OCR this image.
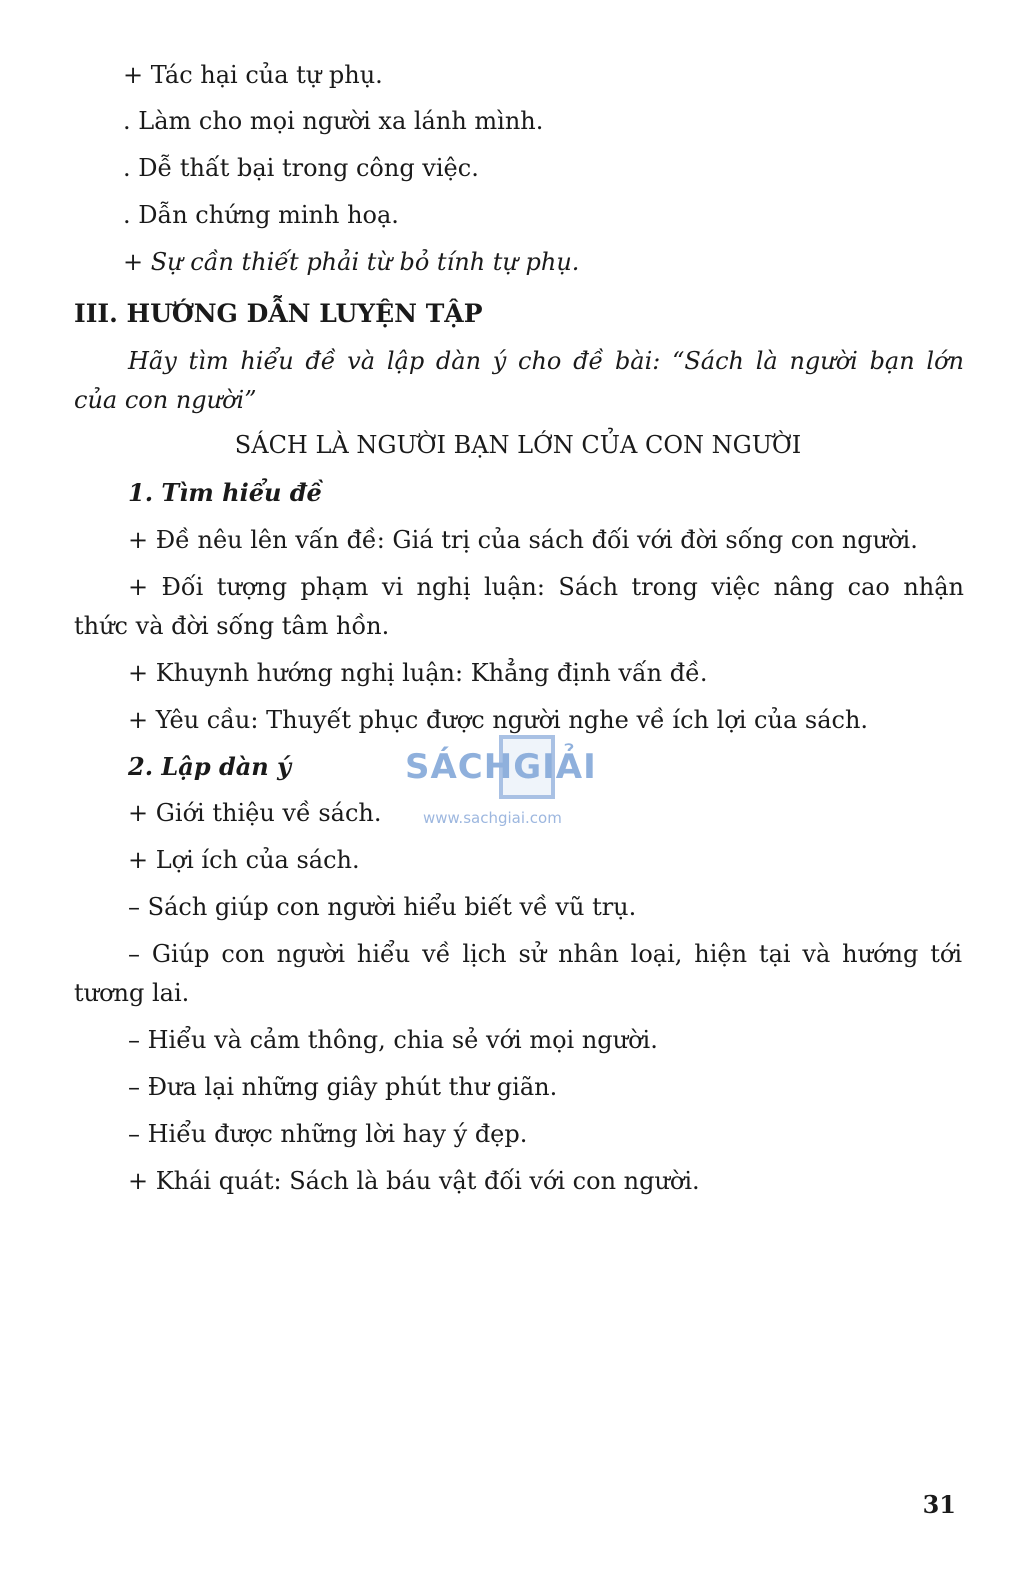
+ Tác hại của tự phụ.
. Làm cho mọi người xa lánh mình.
. Dễ thất bại trong công việc.
. Dẫn chứng minh hoạ.
+ Sự cần thiết phải từ bỏ tính tự phụ.
III. HƯỚNG DẪN LUYỆN TẬP
Hãy tìm hiểu đề và lập dàn ý cho đề bài: “Sách là người bạn lớn
của con người”
SÁCH LÀ NGƯỜI BẠN LỚN CỦA CON NGƯỜI
1. Tìm hiểu đề
+ Đề nêu lên vấn đề: Giá trị của sách đối với đời sống con người.
+ Đối tượng phạm vi nghị luận: Sách trong việc nâng cao nhận
thức và đời sống tâm hồn.
+ Khuynh hướng nghị luận: Khẳng định vấn đề.
+ Yêu cầu: Thuyết phục được người nghe về ích lợi của sách.
2. Lập dàn ý
+ Giới thiệu về sách.
+ Lợi ích của sách.
– Sách giúp con người hiểu biết về vũ trụ.
– Giúp con người hiểu về lịch sử nhân loại, hiện tại và hướng tới
tương lai.
– Hiểu và cảm thông, chia sẻ với mọi người.
– Đưa lại những giây phút thư giãn.
– Hiểu được những lời hay ý đẹp.
+ Khái quát: Sách là báu vật đối với con người.
SÁCHGIẢI
www.sachgiai.com
31
